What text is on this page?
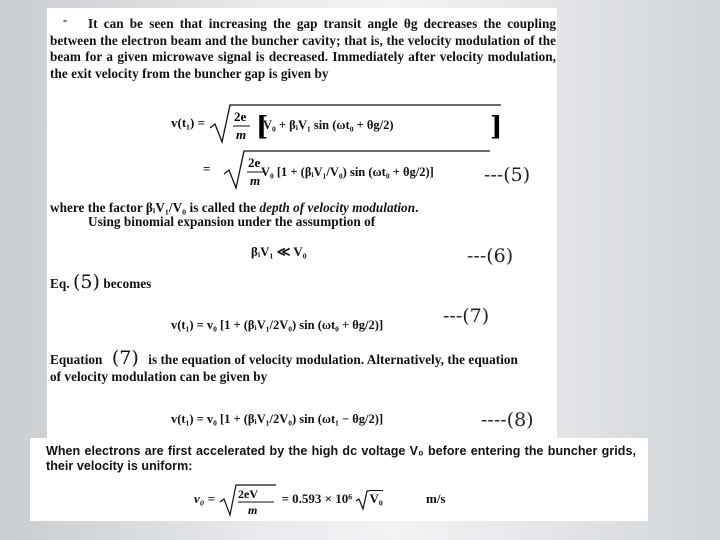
-	It can be seen that increasing the gap transit angle θg decreases the coupling between the electron beam and the buncher cavity; that is, the velocity modulation of the beam for a given microwave signal is decreased. Immediately after velocity modulation, the exit velocity from the buncher gap is given by
v(t₁) = 2e
m [	]
V₀ + βᵢV₁ sin (ωt₀ + θg/2)
=	2e
m
V₀ [1 + (βᵢV₁/V₀) sin (ωt₀ + θg/2)]	---(5)
where the factor βᵢV₁/V₀ is called the depth of velocity modulation.
Using binomial expansion under the assumption of
βᵢV₁ ≪ V₀	---(6)
Eq. (5) becomes
v(t₁) = v₀ [1 + (βᵢV₁/2V₀) sin (ωt₀ + θg/2)]	---(7)
Equation (7) is the equation of velocity modulation. Alternatively, the equation
of velocity modulation can be given by
v(t₁) = v₀ [1 + (βᵢV₁/2V₀) sin (ωt₁ − θg/2)]	----(8)
When electrons are first accelerated by the high dc voltage V₀ before entering the buncher grids, their velocity is uniform:
v₀ = 2eV
m
= 0.593 × 10⁶ V₀	m/s
